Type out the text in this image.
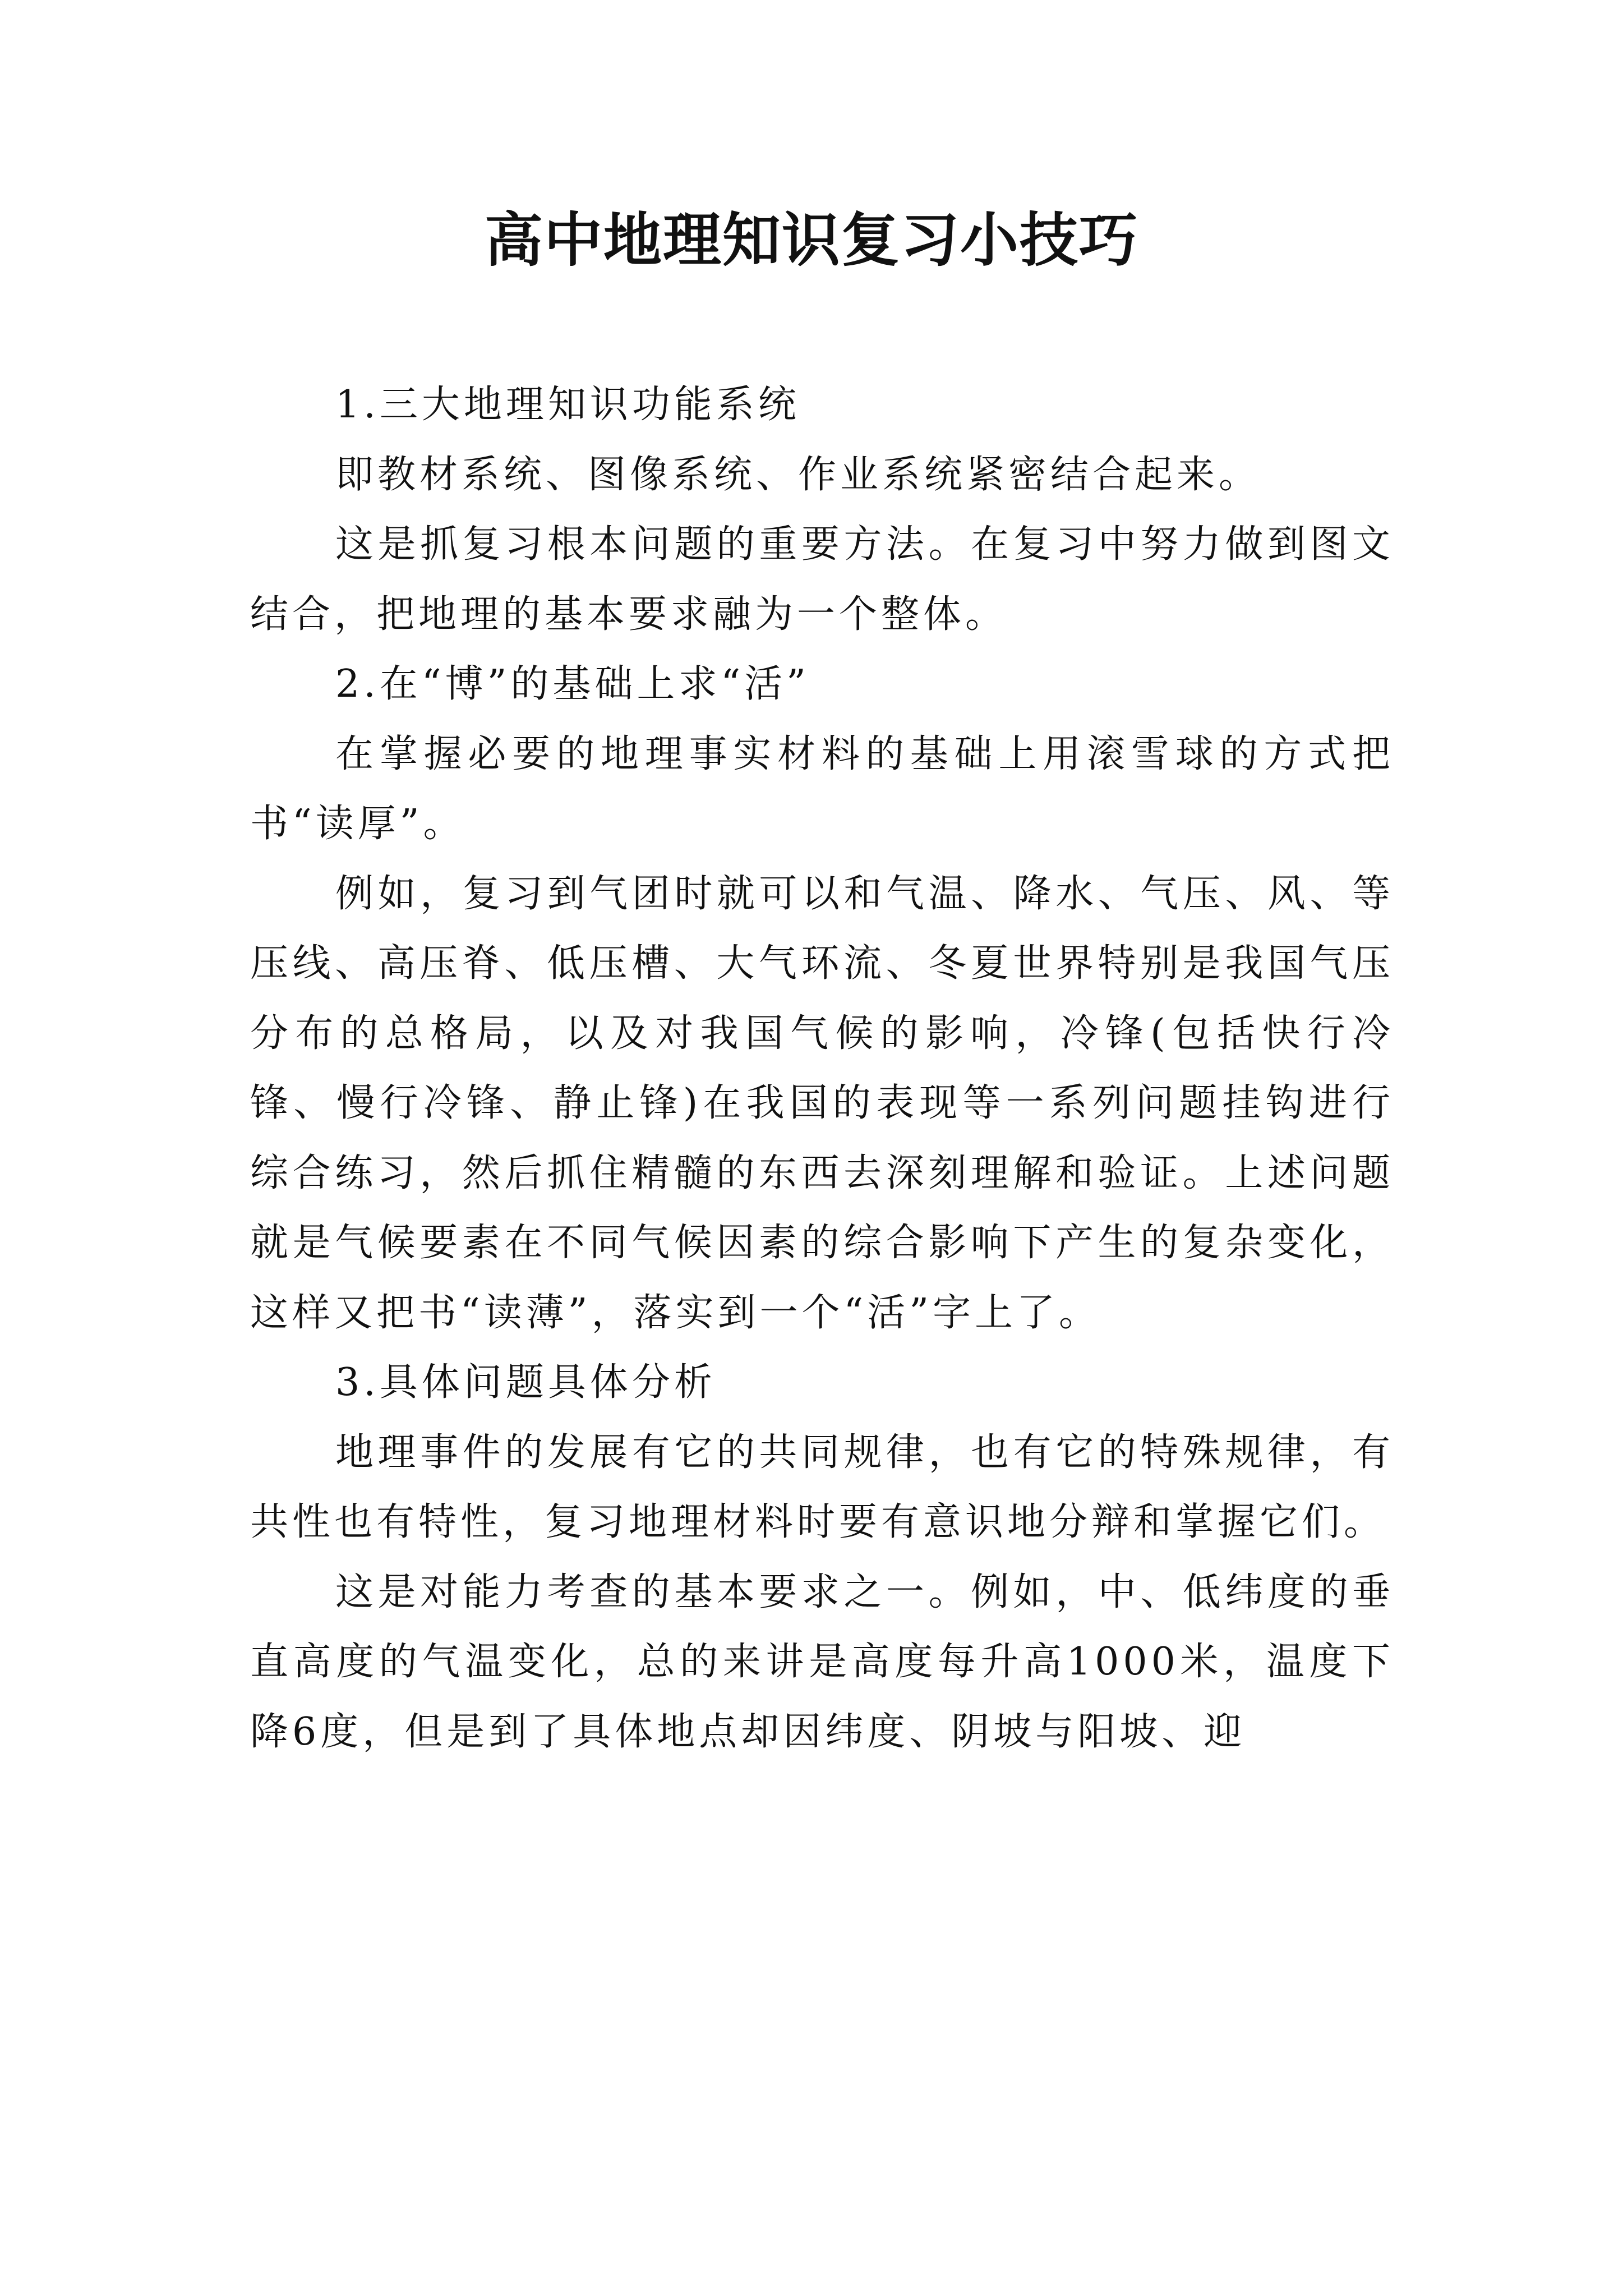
高中地理知识复习小技巧

1.三大地理知识功能系统

即教材系统、图像系统、作业系统紧密结合起来。

这是抓复习根本问题的重要方法。在复习中努力做到图文结合，把地理的基本要求融为一个整体。

2.在“博”的基础上求“活”

在掌握必要的地理事实材料的基础上用滚雪球的方式把书“读厚”。

例如，复习到气团时就可以和气温、降水、气压、风、等压线、高压脊、低压槽、大气环流、冬夏世界特别是我国气压分布的总格局，以及对我国气候的影响，冷锋(包括快行冷锋、慢行冷锋、静止锋)在我国的表现等一系列问题挂钩进行综合练习，然后抓住精髓的东西去深刻理解和验证。上述问题就是气候要素在不同气候因素的综合影响下产生的复杂变化，这样又把书“读薄”，落实到一个“活”字上了。

3.具体问题具体分析

地理事件的发展有它的共同规律，也有它的特殊规律，有共性也有特性，复习地理材料时要有意识地分辩和掌握它们。

这是对能力考查的基本要求之一。例如，中、低纬度的垂直高度的气温变化，总的来讲是高度每升高1000米，温度下降6度，但是到了具体地点却因纬度、阴坡与阳坡、迎
